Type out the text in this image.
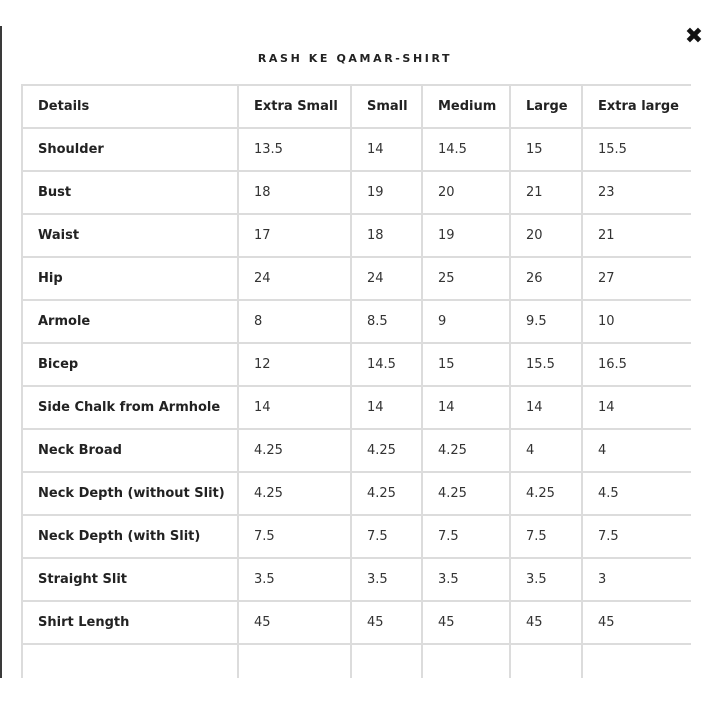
✖
RASH KE QAMAR-SHIRT
Details	Extra Small	Small	Medium	Large	Extra large
Shoulder	13.5	14	14.5	15	15.5
Bust	18	19	20	21	23
Waist	17	18	19	20	21
Hip	24	24	25	26	27
Armole	8	8.5	9	9.5	10
Bicep	12	14.5	15	15.5	16.5
Side Chalk from Armhole	14	14	14	14	14
Neck Broad	4.25	4.25	4.25	4	4
Neck Depth (without Slit)	4.25	4.25	4.25	4.25	4.5
Neck Depth (with Slit)	7.5	7.5	7.5	7.5	7.5
Straight Slit	3.5	3.5	3.5	3.5	3
Shirt Length	45	45	45	45	45
